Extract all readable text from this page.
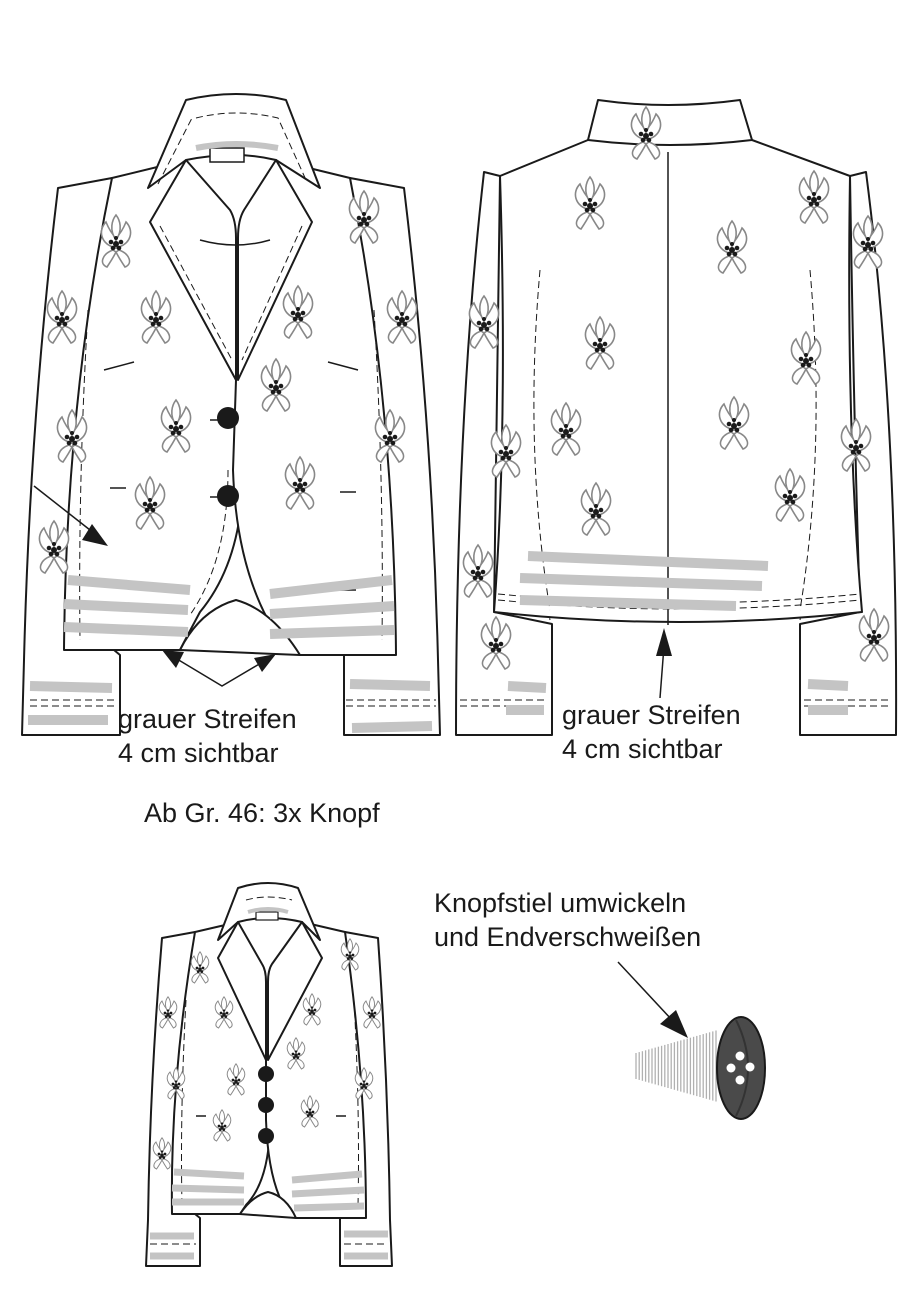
grauer Streifen
4 cm sichtbar
grauer Streifen
4 cm sichtbar
Ab Gr. 46: 3x Knopf
Knopfstiel umwickeln
und Endverschweißen
